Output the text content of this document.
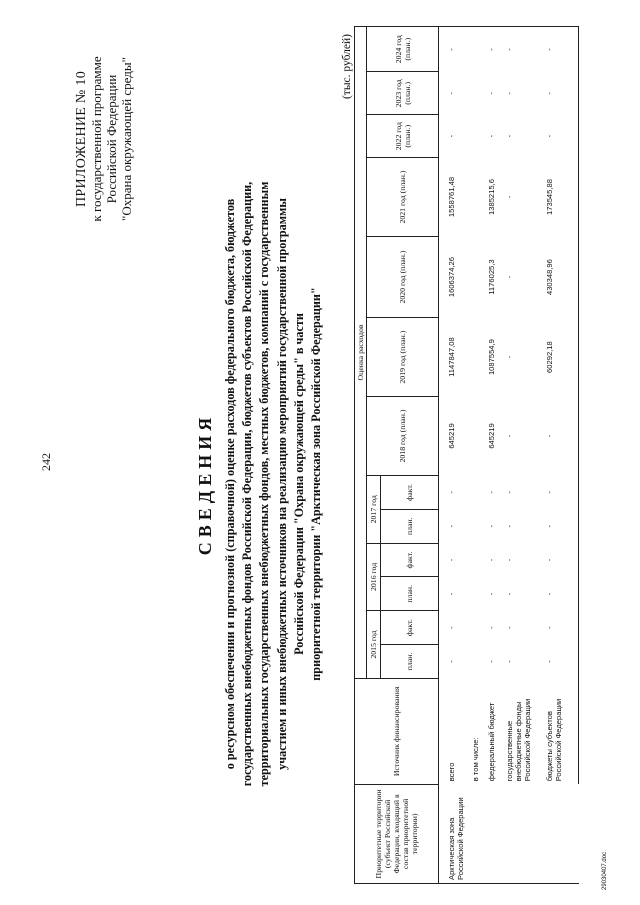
242
29030407.doc
ПРИЛОЖЕНИЕ № 10 к государственной программе Российской Федерации "Охрана окружающей среды"
СВЕДЕНИЯ о ресурсном обеспечении и прогнозной (справочной) оценке расходов федерального бюджета, бюджетов государственных внебюджетных фондов Российской Федерации, бюджетов субъектов Российской Федерации, территориальных государственных внебюджетных фондов, местных бюджетов, компаний с государственным участием и иных внебюджетных источников на реализацию мероприятий государственной программы Российской Федерации "Охрана окружающей среды" в части приоритетной территории "Арктическая зона Российской Федерации"
(тыс. рублей)
Приоритетные территории (субъект Российской Федерации, входящий в состав приоритетной территории)	Источник финансирования	Оценка расходов												
		2015 год		2016 год		2017 год		2018 год (план.)	2019 год (план.)	2020 год (план.)	2021 год (план.)	2022 год (план.)	2023 год (план.)	2024 год (план.)
		план.	факт.	план.	факт.	план.	факт.							
Арктическая зона Российской Федерации	всего	-	-	-	-	-	-	645219	1147847,08	1606374,26	1558761,48	-	-	-
	в том числе:													
	федеральный бюджет	-	-	-	-	-	-	645219	1087554,9	1176025,3	1385215,6	-	-	-
	государственные внебюджетные фонды Российской Федерации	-	-	-	-	-	-	-	-	-	-	-	-	-
	бюджеты субъектов Российской Федерации	-	-	-	-	-	-	-	60292,18	430348,96	173545,88	-	-	-
